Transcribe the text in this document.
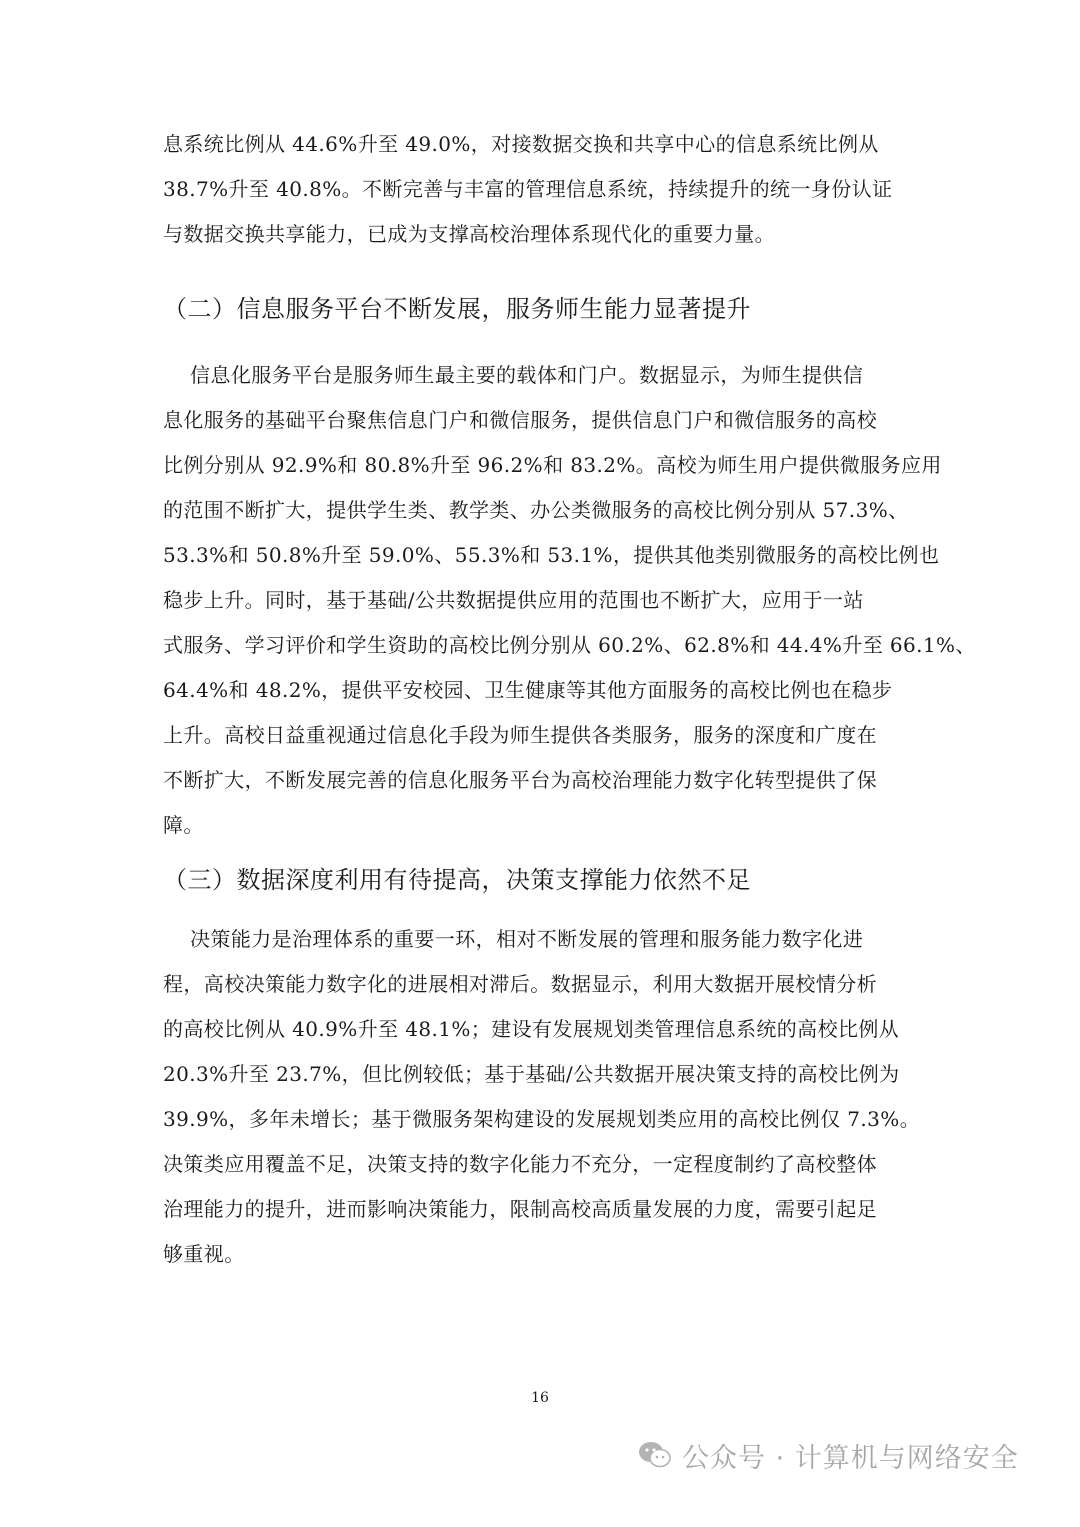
息系统比例从 44.6%升至 49.0%，对接数据交换和共享中心的信息系统比例从
38.7%升至 40.8%。不断完善与丰富的管理信息系统，持续提升的统一身份认证
与数据交换共享能力，已成为支撑高校治理体系现代化的重要力量。
（二）信息服务平台不断发展，服务师生能力显著提升
信息化服务平台是服务师生最主要的载体和门户。数据显示，为师生提供信
息化服务的基础平台聚焦信息门户和微信服务，提供信息门户和微信服务的高校
比例分别从 92.9%和 80.8%升至 96.2%和 83.2%。高校为师生用户提供微服务应用
的范围不断扩大，提供学生类、教学类、办公类微服务的高校比例分别从 57.3%、
53.3%和 50.8%升至 59.0%、55.3%和 53.1%，提供其他类别微服务的高校比例也
稳步上升。同时，基于基础/公共数据提供应用的范围也不断扩大，应用于一站
式服务、学习评价和学生资助的高校比例分别从 60.2%、62.8%和 44.4%升至 66.1%、
64.4%和 48.2%，提供平安校园、卫生健康等其他方面服务的高校比例也在稳步
上升。高校日益重视通过信息化手段为师生提供各类服务，服务的深度和广度在
不断扩大，不断发展完善的信息化服务平台为高校治理能力数字化转型提供了保
障。
（三）数据深度利用有待提高，决策支撑能力依然不足
决策能力是治理体系的重要一环，相对不断发展的管理和服务能力数字化进
程，高校决策能力数字化的进展相对滞后。数据显示，利用大数据开展校情分析
的高校比例从 40.9%升至 48.1%；建设有发展规划类管理信息系统的高校比例从
20.3%升至 23.7%，但比例较低；基于基础/公共数据开展决策支持的高校比例为
39.9%，多年未增长；基于微服务架构建设的发展规划类应用的高校比例仅 7.3%。
决策类应用覆盖不足，决策支持的数字化能力不充分，一定程度制约了高校整体
治理能力的提升，进而影响决策能力，限制高校高质量发展的力度，需要引起足
够重视。
16
公众号 · 计算机与网络安全
